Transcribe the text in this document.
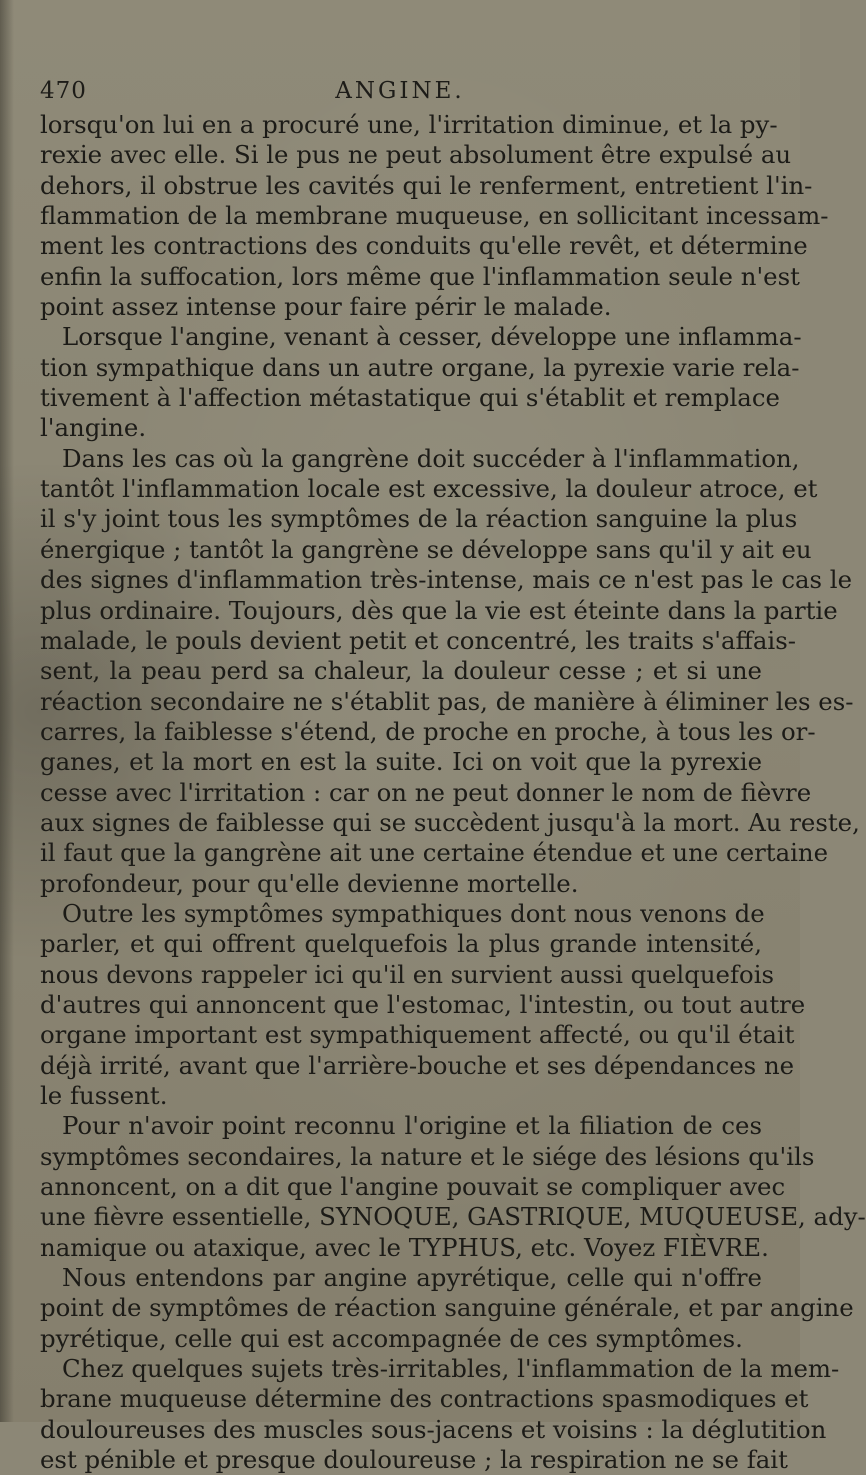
470	ANGINE.

lorsqu'on lui en a procuré une, l'irritation diminue, et la py-

rexie avec elle. Si le pus ne peut absolument être expulsé au

dehors, il obstrue les cavités qui le renferment, entretient l'in-

flammation de la membrane muqueuse, en sollicitant incessam-

ment les contractions des conduits qu'elle revêt, et détermine

enfin la suffocation, lors même que l'inflammation seule n'est

point assez intense pour faire périr le malade.

Lorsque l'angine, venant à cesser, développe une inflamma-

tion sympathique dans un autre organe, la pyrexie varie rela-

tivement à l'affection métastatique qui s'établit et remplace

l'angine.

Dans les cas où la gangrène doit succéder à l'inflammation,

tantôt l'inflammation locale est excessive, la douleur atroce, et

il s'y joint tous les symptômes de la réaction sanguine la plus

énergique ; tantôt la gangrène se développe sans qu'il y ait eu

des signes d'inflammation très-intense, mais ce n'est pas le cas le

plus ordinaire. Toujours, dès que la vie est éteinte dans la partie

malade, le pouls devient petit et concentré, les traits s'affais-

sent, la peau perd sa chaleur, la douleur cesse ; et si une

réaction secondaire ne s'établit pas, de manière à éliminer les es-

carres, la faiblesse s'étend, de proche en proche, à tous les or-

ganes, et la mort en est la suite. Ici on voit que la pyrexie

cesse avec l'irritation : car on ne peut donner le nom de fièvre

aux signes de faiblesse qui se succèdent jusqu'à la mort. Au reste,

il faut que la gangrène ait une certaine étendue et une certaine

profondeur, pour qu'elle devienne mortelle.

Outre les symptômes sympathiques dont nous venons de

parler, et qui offrent quelquefois la plus grande intensité,

nous devons rappeler ici qu'il en survient aussi quelquefois

d'autres qui annoncent que l'estomac, l'intestin, ou tout autre

organe important est sympathiquement affecté, ou qu'il était

déjà irrité, avant que l'arrière-bouche et ses dépendances ne

le fussent.

Pour n'avoir point reconnu l'origine et la filiation de ces

symptômes secondaires, la nature et le siége des lésions qu'ils

annoncent, on a dit que l'angine pouvait se compliquer avec

une fièvre essentielle, SYNOQUE, GASTRIQUE, MUQUEUSE, ady-

namique ou ataxique, avec le TYPHUS, etc. Voyez FIÈVRE.

Nous entendons par angine apyrétique, celle qui n'offre

point de symptômes de réaction sanguine générale, et par angine

pyrétique, celle qui est accompagnée de ces symptômes.

Chez quelques sujets très-irritables, l'inflammation de la mem-

brane muqueuse détermine des contractions spasmodiques et

douloureuses des muscles sous-jacens et voisins : la déglutition

est pénible et presque douloureuse ; la respiration ne se fait
